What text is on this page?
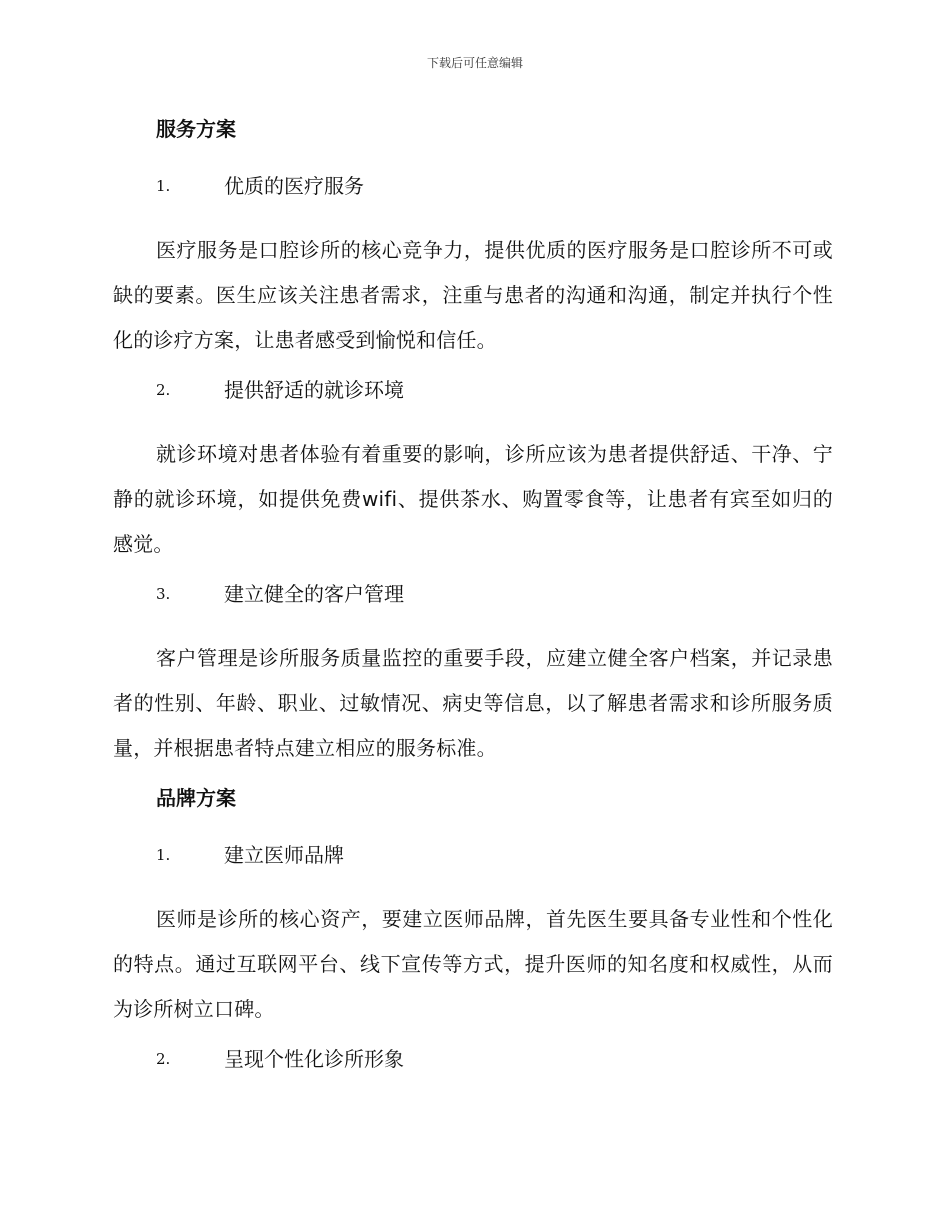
下载后可任意编辑
服务方案
1.	优质的医疗服务

医疗服务是口腔诊所的核心竞争力，提供优质的医疗服务是口腔诊所不可或缺的要素。医生应该关注患者需求，注重与患者的沟通和沟通，制定并执行个性化的诊疗方案，让患者感受到愉悦和信任。

2.	提供舒适的就诊环境

就诊环境对患者体验有着重要的影响，诊所应该为患者提供舒适、干净、宁静的就诊环境，如提供免费wifi、提供茶水、购置零食等，让患者有宾至如归的感觉。

3.	建立健全的客户管理

客户管理是诊所服务质量监控的重要手段，应建立健全客户档案，并记录患者的性别、年龄、职业、过敏情况、病史等信息，以了解患者需求和诊所服务质量，并根据患者特点建立相应的服务标准。

品牌方案
1.	建立医师品牌

医师是诊所的核心资产，要建立医师品牌，首先医生要具备专业性和个性化的特点。通过互联网平台、线下宣传等方式，提升医师的知名度和权威性，从而为诊所树立口碑。

2.	呈现个性化诊所形象
